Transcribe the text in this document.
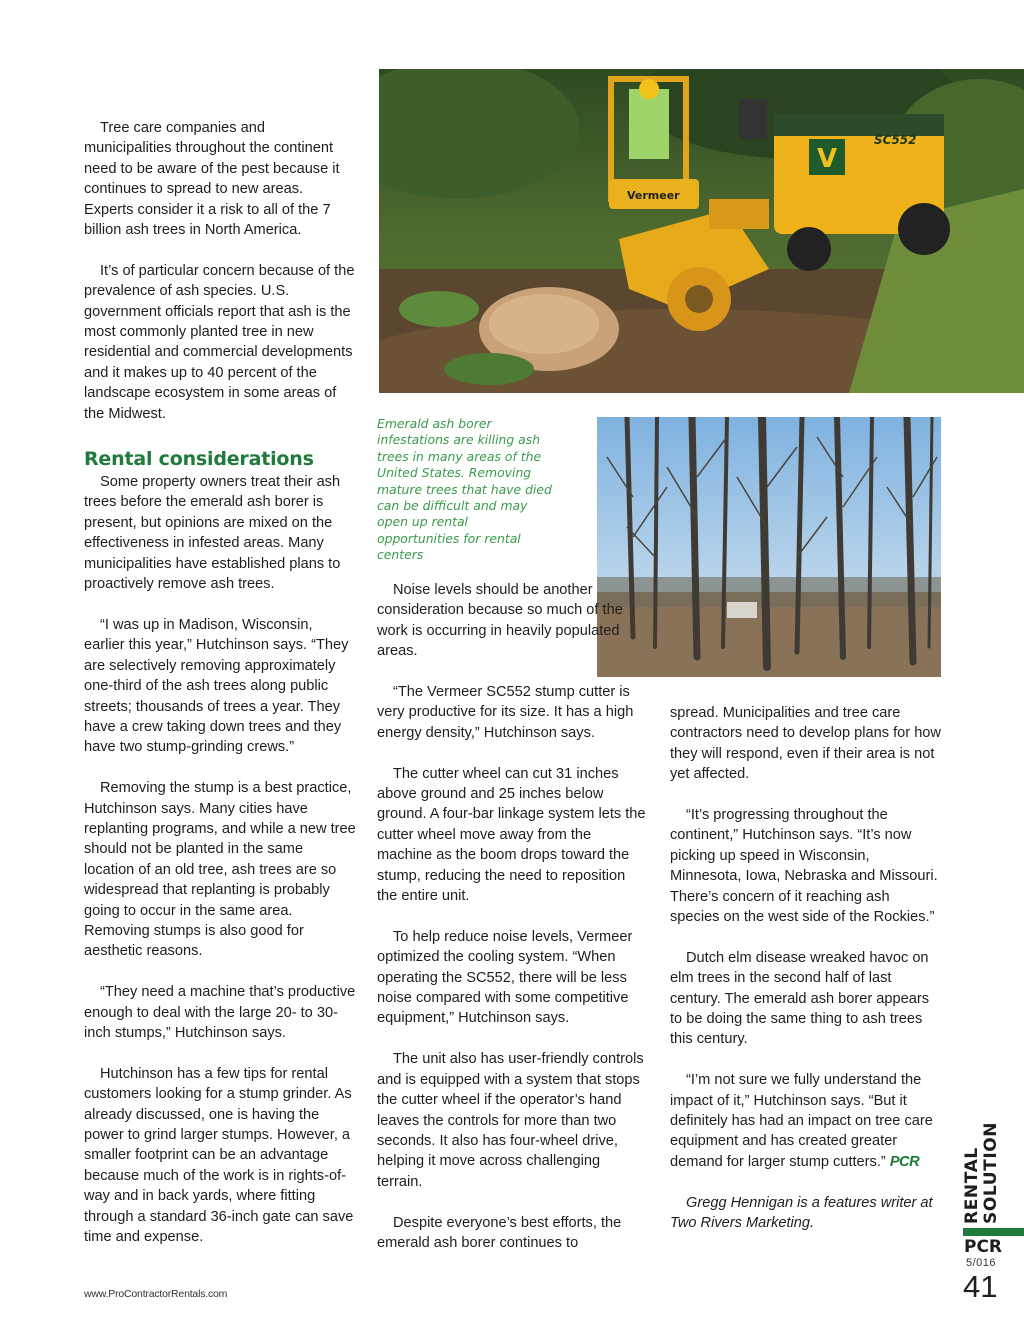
Tree care companies and municipalities throughout the continent need to be aware of the pest because it continues to spread to new areas. Experts consider it a risk to all of the 7 billion ash trees in North America.

It’s of particular concern because of the prevalence of ash species. U.S. government officials report that ash is the most commonly planted tree in new residential and commercial developments and it makes up to 40 percent of the landscape ecosystem in some areas of the Midwest.

Rental considerations

Some property owners treat their ash trees before the emerald ash borer is present, but opinions are mixed on the effectiveness in infested areas. Many municipalities have established plans to proactively remove ash trees.

“I was up in Madison, Wisconsin, earlier this year,” Hutchinson says. “They are selectively removing approximately one-third of the ash trees along public streets; thousands of trees a year. They have a crew taking down trees and they have two stump-grinding crews.”

Removing the stump is a best practice, Hutchinson says. Many cities have replanting programs, and while a new tree should not be planted in the same location of an old tree, ash trees are so widespread that replanting is probably going to occur in the same area. Removing stumps is also good for aesthetic reasons.

“They need a machine that’s productive enough to deal with the large 20- to 30-inch stumps,” Hutchinson says.

Hutchinson has a few tips for rental customers looking for a stump grinder. As already discussed, one is having the power to grind larger stumps. However, a smaller footprint can be an advantage because much of the work is in rights-of-way and in back yards, where fitting through a standard 36-inch gate can save time and expense.

Vermeer
SC552
V
Emerald ash borer infestations are killing ash trees in many areas of the United States. Removing mature trees that have died can be difficult and may open up rental opportunities for rental centers

Noise levels should be another consideration because so much of the work is occurring in heavily populated areas.

“The Vermeer SC552 stump cutter is very productive for its size. It has a high energy density,” Hutchinson says.

The cutter wheel can cut 31 inches above ground and 25 inches below ground. A four-bar linkage system lets the cutter wheel move away from the machine as the boom drops toward the stump, reducing the need to reposition the entire unit.

To help reduce noise levels, Vermeer optimized the cooling system. “When operating the SC552, there will be less noise compared with some competitive equipment,” Hutchinson says.

The unit also has user-friendly controls and is equipped with a system that stops the cutter wheel if the operator’s hand leaves the controls for more than two seconds. It also has four-wheel drive, helping it move across challenging terrain.

Despite everyone’s best efforts, the emerald ash borer continues to

spread. Municipalities and tree care contractors need to develop plans for how they will respond, even if their area is not yet affected.

“It’s progressing throughout the continent,” Hutchinson says. “It’s now picking up speed in Wisconsin, Minnesota, Iowa, Nebraska and Missouri. There’s concern of it reaching ash species on the west side of the Rockies.”

Dutch elm disease wreaked havoc on elm trees in the second half of last century. The emerald ash borer appears to be doing the same thing to ash trees this century.

“I’m not sure we fully understand the impact of it,” Hutchinson says. “But it definitely has had an impact on tree care equipment and has created greater demand for larger stump cutters.” PCR

Gregg Hennigan is a features writer at Two Rivers Marketing.

www.ProContractorRentals.com
RENTAL SOLUTION
PCR
5/016
41
